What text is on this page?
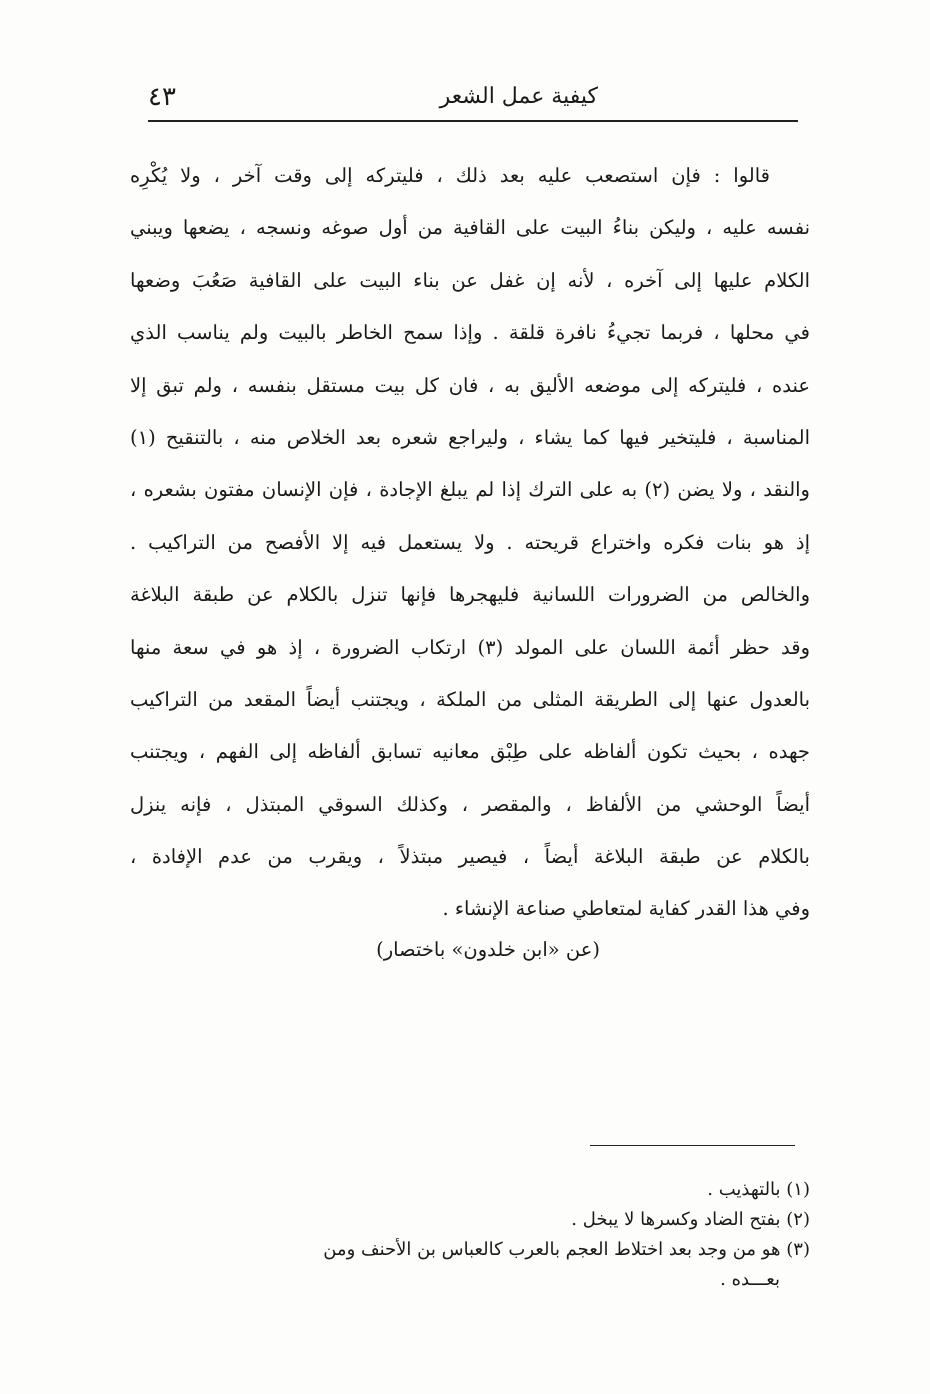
٤٣	كيفية عمل الشعر
قالوا : فإن استصعب عليه بعد ذلك ، فليتركه إلى وقت آخر ، ولا يُكْرِه
نفسه عليه ، وليكن بناءُ البيت على القافية من أول صوغه ونسجه ، يضعها ويبني
الكلام عليها إلى آخره ، لأنه إن غفل عن بناء البيت على القافية صَعُبَ وضعها
في محلها ، فربما تجيءُ نافرة قلقة . وإذا سمح الخاطر بالبيت ولم يناسب الذي
عنده ، فليتركه إلى موضعه الأليق به ، فان كل بيت مستقل بنفسه ، ولم تبق إلا
المناسبة ، فليتخير فيها كما يشاء ، وليراجع شعره بعد الخلاص منه ، بالتنقيح (١)
والنقد ، ولا يضن (٢) به على الترك إذا لم يبلغ الإجادة ، فإن الإنسان مفتون بشعره ،
إذ هو بنات فكره واختراع قريحته . ولا يستعمل فيه إلا الأفصح من التراكيب .
والخالص من الضرورات اللسانية فليهجرها فإنها تنزل بالكلام عن طبقة البلاغة
وقد حظر أئمة اللسان على المولد (٣) ارتكاب الضرورة ، إذ هو في سعة منها
بالعدول عنها إلى الطريقة المثلى من الملكة ، ويجتنب أيضاً المقعد من التراكيب
جهده ، بحيث تكون ألفاظه على طِبْق معانيه تسابق ألفاظه إلى الفهم ، ويجتنب
أيضاً الوحشي من الألفاظ ، والمقصر ، وكذلك السوقي المبتذل ، فإنه ينزل
بالكلام عن طبقة البلاغة أيضاً ، فيصير مبتذلاً ، ويقرب من عدم الإفادة ،
وفي هذا القدر كفاية لمتعاطي صناعة الإنشاء .
(عن «ابن خلدون» باختصار)
(١) بالتهذيب .
(٢) بفتح الضاد وكسرها لا يبخل .
(٣) هو من وجد بعد اختلاط العجم بالعرب كالعباس بن الأحنف ومن
بعـــده .
